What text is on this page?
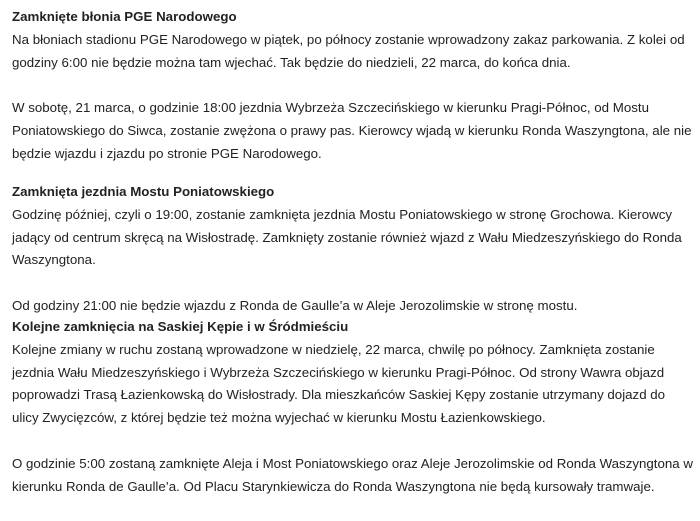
Zamknięte błonia PGE Narodowego

Na błoniach stadionu PGE Narodowego w piątek, po północy zostanie wprowadzony zakaz parkowania. Z kolei od godziny 6:00 nie będzie można tam wjechać. Tak będzie do niedzieli, 22 marca, do końca dnia.

W sobotę, 21 marca, o godzinie 18:00 jezdnia Wybrzeża Szczecińskiego w kierunku Pragi-Północ, od Mostu Poniatowskiego do Siwca, zostanie zwężona o prawy pas. Kierowcy wjadą w kierunku Ronda Waszyngtona, ale nie będzie wjazdu i zjazdu po stronie PGE Narodowego.

Zamknięta jezdnia Mostu Poniatowskiego

Godzinę później, czyli o 19:00, zostanie zamknięta jezdnia Mostu Poniatowskiego w stronę Grochowa. Kierowcy jadący od centrum skręcą na Wisłostradę. Zamknięty zostanie również wjazd z Wału Miedzeszyńskiego do Ronda Waszyngtona.

Od godziny 21:00 nie będzie wjazdu z Ronda de Gaulle’a w Aleje Jerozolimskie w stronę mostu.

Kolejne zamknięcia na Saskiej Kępie i w Śródmieściu

Kolejne zmiany w ruchu zostaną wprowadzone w niedzielę, 22 marca, chwilę po północy. Zamknięta zostanie jezdnia Wału Miedzeszyńskiego i Wybrzeża Szczecińskiego w kierunku Pragi-Północ. Od strony Wawra objazd poprowadzi Trasą Łazienkowską do Wisłostrady. Dla mieszkańców Saskiej Kępy zostanie utrzymany dojazd do ulicy Zwycięzców, z której będzie też można wyjechać w kierunku Mostu Łazienkowskiego.

O godzinie 5:00 zostaną zamknięte Aleja i Most Poniatowskiego oraz Aleje Jerozolimskie od Ronda Waszyngtona w kierunku Ronda de Gaulle’a. Od Placu Starynkiewicza do Ronda Waszyngtona nie będą kursowały tramwaje.
